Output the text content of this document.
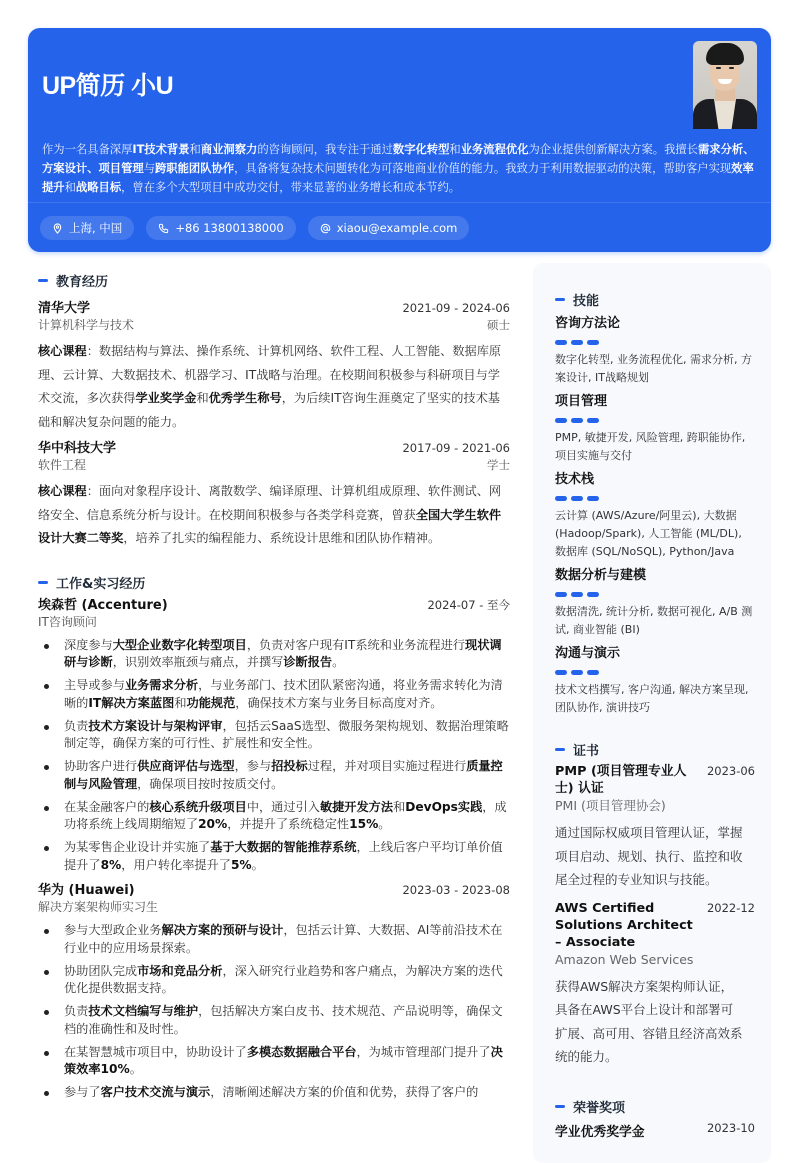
UP简历 小U
作为一名具备深厚IT技术背景和商业洞察力的咨询顾问，我专注于通过数字化转型和业务流程优化为企业提供创新解决方案。我擅长需求分析、方案设计、项目管理与跨职能团队协作，具备将复杂技术问题转化为可落地商业价值的能力。我致力于利用数据驱动的决策，帮助客户实现效率提升和战略目标，曾在多个大型项目中成功交付，带来显著的业务增长和成本节约。
上海, 中国	+86 13800138000	xiaou@example.com
教育经历
清华大学	2021-09 - 2024-06
计算机科学与技术	硕士
核心课程：数据结构与算法、操作系统、计算机网络、软件工程、人工智能、数据库原理、云计算、大数据技术、机器学习、IT战略与治理。在校期间积极参与科研项目与学术交流，多次获得学业奖学金和优秀学生称号，为后续IT咨询生涯奠定了坚实的技术基础和解决复杂问题的能力。
华中科技大学	2017-09 - 2021-06
软件工程	学士
核心课程：面向对象程序设计、离散数学、编译原理、计算机组成原理、软件测试、网络安全、信息系统分析与设计。在校期间积极参与各类学科竞赛，曾获全国大学生软件设计大赛二等奖，培养了扎实的编程能力、系统设计思维和团队协作精神。
工作&实习经历
埃森哲 (Accenture)	2024-07 - 至今
IT咨询顾问
深度参与大型企业数字化转型项目，负责对客户现有IT系统和业务流程进行现状调研与诊断，识别效率瓶颈与痛点，并撰写诊断报告。
主导或参与业务需求分析，与业务部门、技术团队紧密沟通，将业务需求转化为清晰的IT解决方案蓝图和功能规范，确保技术方案与业务目标高度对齐。
负责技术方案设计与架构评审，包括云SaaS选型、微服务架构规划、数据治理策略制定等，确保方案的可行性、扩展性和安全性。
协助客户进行供应商评估与选型，参与招投标过程，并对项目实施过程进行质量控制与风险管理，确保项目按时按质交付。
在某金融客户的核心系统升级项目中，通过引入敏捷开发方法和DevOps实践，成功将系统上线周期缩短了20%，并提升了系统稳定性15%。
为某零售企业设计并实施了基于大数据的智能推荐系统，上线后客户平均订单价值提升了8%，用户转化率提升了5%。
华为 (Huawei)	2023-03 - 2023-08
解决方案架构师实习生
参与大型政企业务解决方案的预研与设计，包括云计算、大数据、AI等前沿技术在行业中的应用场景探索。
协助团队完成市场和竞品分析，深入研究行业趋势和客户痛点，为解决方案的迭代优化提供数据支持。
负责技术文档编写与维护，包括解决方案白皮书、技术规范、产品说明等，确保文档的准确性和及时性。
在某智慧城市项目中，协助设计了多模态数据融合平台，为城市管理部门提升了决策效率10%。
参与了客户技术交流与演示，清晰阐述解决方案的价值和优势，获得了客户的
技能
咨询方法论
数字化转型, 业务流程优化, 需求分析, 方案设计, IT战略规划
项目管理
PMP, 敏捷开发, 风险管理, 跨职能协作, 项目实施与交付
技术栈
云计算 (AWS/Azure/阿里云), 大数据 (Hadoop/Spark), 人工智能 (ML/DL), 数据库 (SQL/NoSQL), Python/Java
数据分析与建模
数据清洗, 统计分析, 数据可视化, A/B 测试, 商业智能 (BI)
沟通与演示
技术文档撰写, 客户沟通, 解决方案呈现, 团队协作, 演讲技巧
证书
PMP (项目管理专业人士) 认证
2023-06
PMI (项目管理协会)
通过国际权威项目管理认证，掌握项目启动、规划、执行、监控和收尾全过程的专业知识与技能。
AWS Certified Solutions Architect – Associate
2022-12
Amazon Web Services
获得AWS解决方案架构师认证，具备在AWS平台上设计和部署可扩展、高可用、容错且经济高效系统的能力。
荣誉奖项
学业优秀奖学金	2023-10
